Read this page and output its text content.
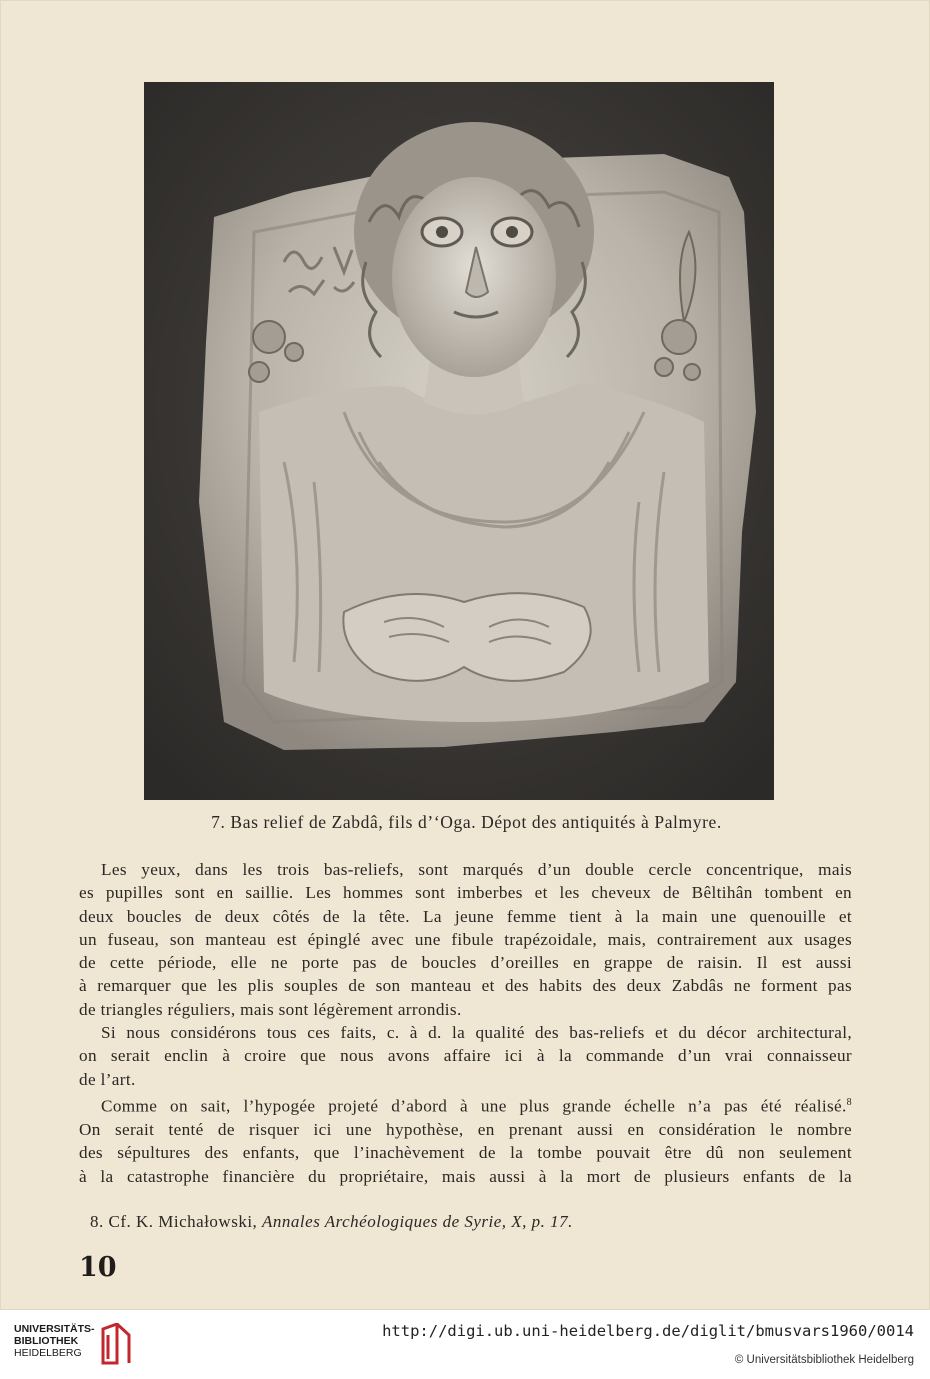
7. Bas relief de Zabdâ, fils d’‘Oga. Dépot des antiquités à Palmyre.

Les yeux, dans les trois bas-reliefs, sont marqués d’un double cercle concentrique, mais
es pupilles sont en saillie. Les hommes sont imberbes et les cheveux de Bêltihân tombent en
deux boucles de deux côtés de la tête. La jeune femme tient à la main une quenouille et
un fuseau, son manteau est épinglé avec une fibule trapézoidale, mais, contrairement aux usages
de cette période, elle ne porte pas de boucles d’oreilles en grappe de raisin. Il est aussi
à remarquer que les plis souples de son manteau et des habits des deux Zabdâs ne forment pas
de triangles réguliers, mais sont légèrement arrondis.

Si nous considérons tous ces faits, c. à d. la qualité des bas-reliefs et du décor architectural,
on serait enclin à croire que nous avons affaire ici à la commande d’un vrai connaisseur
de l’art.

Comme on sait, l’hypogée projeté d’abord à une plus grande échelle n’a pas été réalisé.$^8$
On serait tenté de risquer ici une hypothèse, en prenant aussi en considération le nombre
des sépultures des enfants, que l’inachèvement de la tombe pouvait être dû non seulement
à la catastrophe financière du propriétaire, mais aussi à la mort de plusieurs enfants de la

8. Cf. K. Michałowski, Annales Archéologiques de Syrie, X, p. 17.
10
UNIVERSITÄTS-
BIBLIOTHEK
HEIDELBERG
http://digi.ub.uni-heidelberg.de/diglit/bmusvars1960/0014
© Universitätsbibliothek Heidelberg
